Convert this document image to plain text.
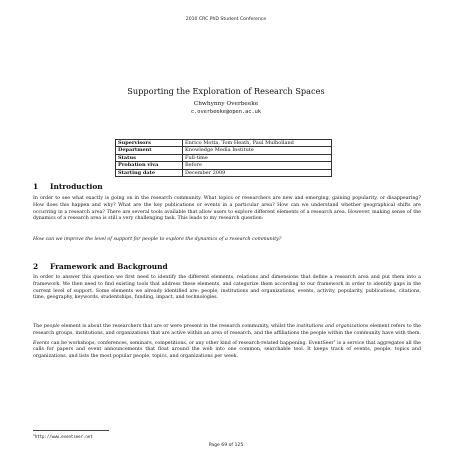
2010 CRC PhD Student Conference
Supporting the Exploration of Research Spaces
Chwhynny Overbeeke
c.overbeeke@open.ac.uk
Supervisors	Enrico Motta, Tom Heath, Paul Mulholland
Department	Knowledge Media Institute
Status	Full-time
Probation viva	Before
Starting date	December 2009
1 Introduction
In order to see what exactly is going on in the research community. What topics or researchers are new and emerging, gaining popularity, or disappearing? How does this happen and why? What are the key publications or events in a particular area? How can we understand whether geographical shifts are occurring in a research area? There are several tools available that allow users to explore different elements of a research area. However, making sense of the dynamics of a research area is still a very challenging task. This leads to my research question:
How can we improve the level of support for people to explore the dynamics of a research community?
2 Framework and Background
In order to answer this question we first need to identify the different elements, relations and dimensions that define a research area and put them into a framework. We then need to find existing tools that address these elements, and categorize them according to our framework in order to identify gaps in the current level of support. Some elements we already identified are: people, institutions and organizations, events, activity, popularity, publications, citations, time, geography, keywords, studentships, funding, impact, and technologies.
The people element is about the researchers that are or were present in the research community, whilst the institutions and organizations element refers to the research groups, institutions, and organizations that are active within an area of research, and the affiliations the people within the community have with them. Events can be workshops, conferences, seminars, competitions, or any other kind of research-related happening. EventSeer$^1$ is a service that aggregates all the calls for papers and event announcements that float around the web into one common, searchable tool. It keeps track of events, people, topics and organizations, and lists the most popular people, topics, and organizations per week.
$^1$http://www.eventseer.net
Page 69 of 125
